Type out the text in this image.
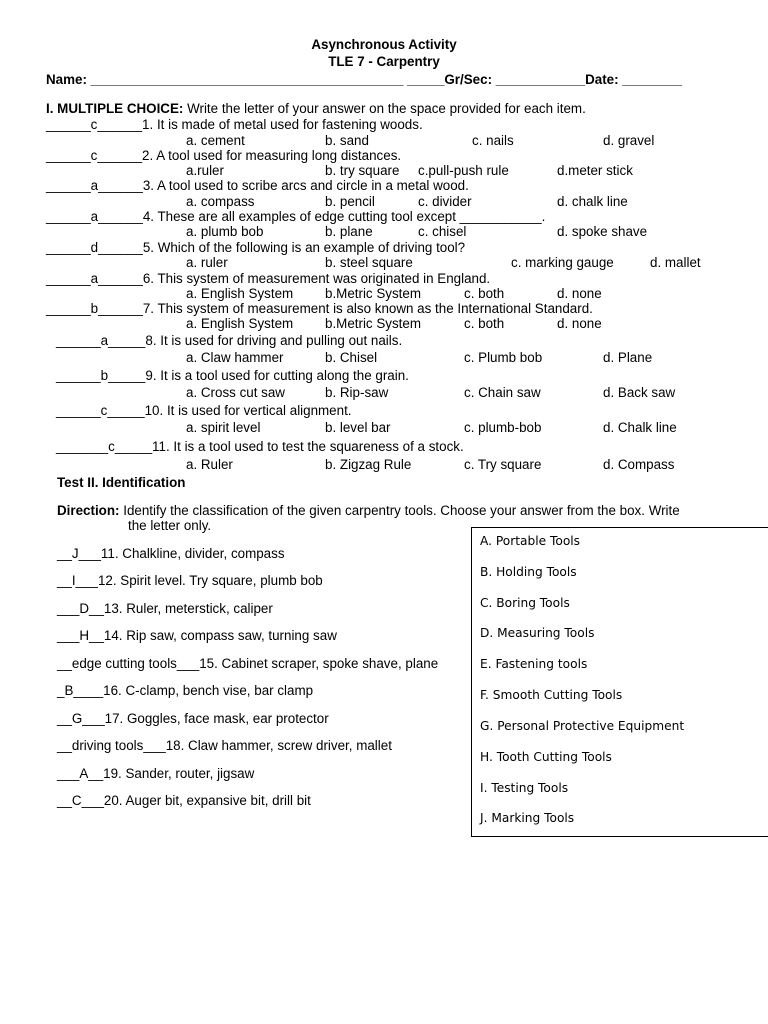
Asynchronous Activity
TLE 7 - Carpentry
Name: __________________________________________ _____Gr/Sec: ____________Date: ________
I. MULTIPLE CHOICE: Write the letter of your answer on the space provided for each item.
______c______1. It is made of metal used for fastening woods.
a. cement	b. sand	c. nails	d. gravel
______c______2. A tool used for measuring long distances.
a.ruler	b. try square c.pull-push rule	d.meter stick
______a______3. A tool used to scribe arcs and circle in a metal wood.
a. compass	b. pencil	c. divider	d. chalk line
______a______4. These are all examples of edge cutting tool except ___________.
a. plumb bob	b. plane	c. chisel	d. spoke shave
______d______5. Which of the following is an example of driving tool?
a. ruler	b. steel square	c. marking gauge	d. mallet
______a______6. This system of measurement was originated in England.
a. English System b.Metric System	c. both	d. none
______b______7. This system of measurement is also known as the International Standard.
a. English System b.Metric System	c. both	d. none
______a_____8. It is used for driving and pulling out nails.
a. Claw hammer	b. Chisel	c. Plumb bob	d. Plane
______b_____9. It is a tool used for cutting along the grain.
a. Cross cut saw	b. Rip-saw	c. Chain saw	d. Back saw
______c_____10. It is used for vertical alignment.
a. spirit level	b. level bar	c. plumb-bob	d. Chalk line
_______c_____11. It is a tool used to test the squareness of a stock.
a. Ruler	b. Zigzag Rule	c. Try square	d. Compass
Test II. Identification
Direction: Identify the classification of the given carpentry tools. Choose your answer from the box. Write
the letter only.
__J___11. Chalkline, divider, compass
__I___12. Spirit level. Try square, plumb bob
___D__13. Ruler, meterstick, caliper
___H__14. Rip saw, compass saw, turning saw
__edge cutting tools___15. Cabinet scraper, spoke shave, plane
_B____16. C-clamp, bench vise, bar clamp
__G___17. Goggles, face mask, ear protector
__driving tools___18. Claw hammer, screw driver, mallet
___A__19. Sander, router, jigsaw
__C___20. Auger bit, expansive bit, drill bit
A. Portable Tools
B. Holding Tools
C. Boring Tools
D. Measuring Tools
E. Fastening tools
F. Smooth Cutting Tools
G. Personal Protective Equipment
H. Tooth Cutting Tools
I. Testing Tools
J. Marking Tools
